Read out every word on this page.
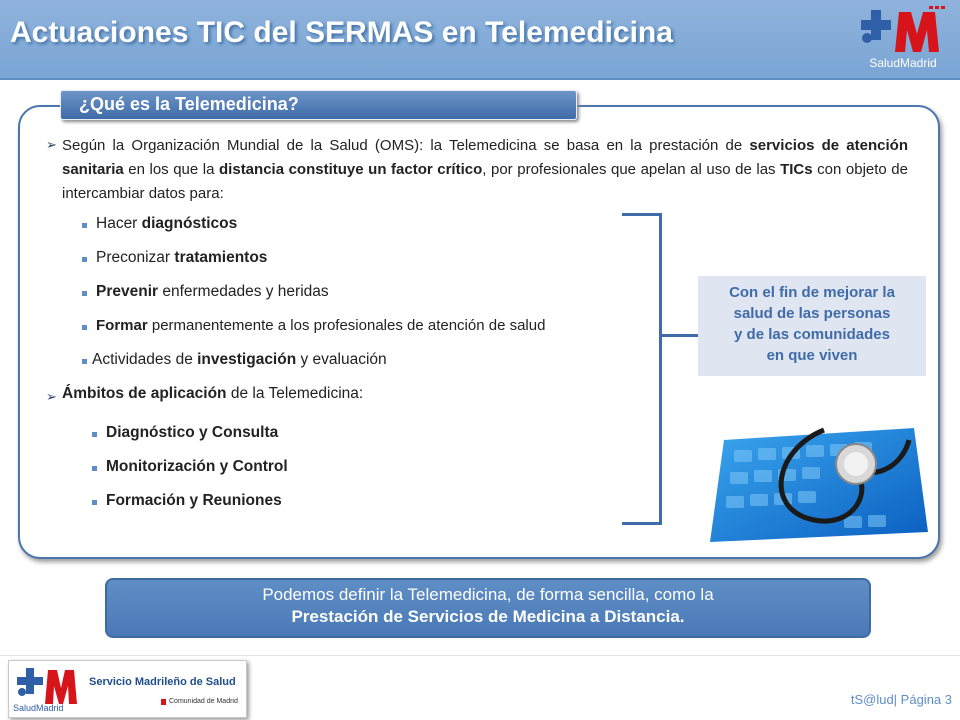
Actuaciones TIC del SERMAS en Telemedicina
SaludMadrid
¿Qué es la Telemedicina?
➢ Según la Organización Mundial de la Salud (OMS): la Telemedicina se basa en la prestación de servicios de atención sanitaria en los que la distancia constituye un factor crítico, por profesionales que apelan al uso de las TICs con objeto de intercambiar datos para:
Hacer diagnósticos
Preconizar tratamientos
Prevenir enfermedades y heridas
Formar permanentemente a los profesionales de atención de salud
Actividades de investigación y evaluación
➢ Ámbitos de aplicación de la Telemedicina:
Diagnóstico y Consulta
Monitorización y Control
Formación y Reuniones
Con el fin de mejorar la
salud de las personas
y de las comunidades
en que viven
Podemos definir la Telemedicina, de forma sencilla, como la
Prestación de Servicios de Medicina a Distancia.
SaludMadrid
Servicio Madrileño de Salud
Comunidad de Madrid	tS@lud| Página 3
